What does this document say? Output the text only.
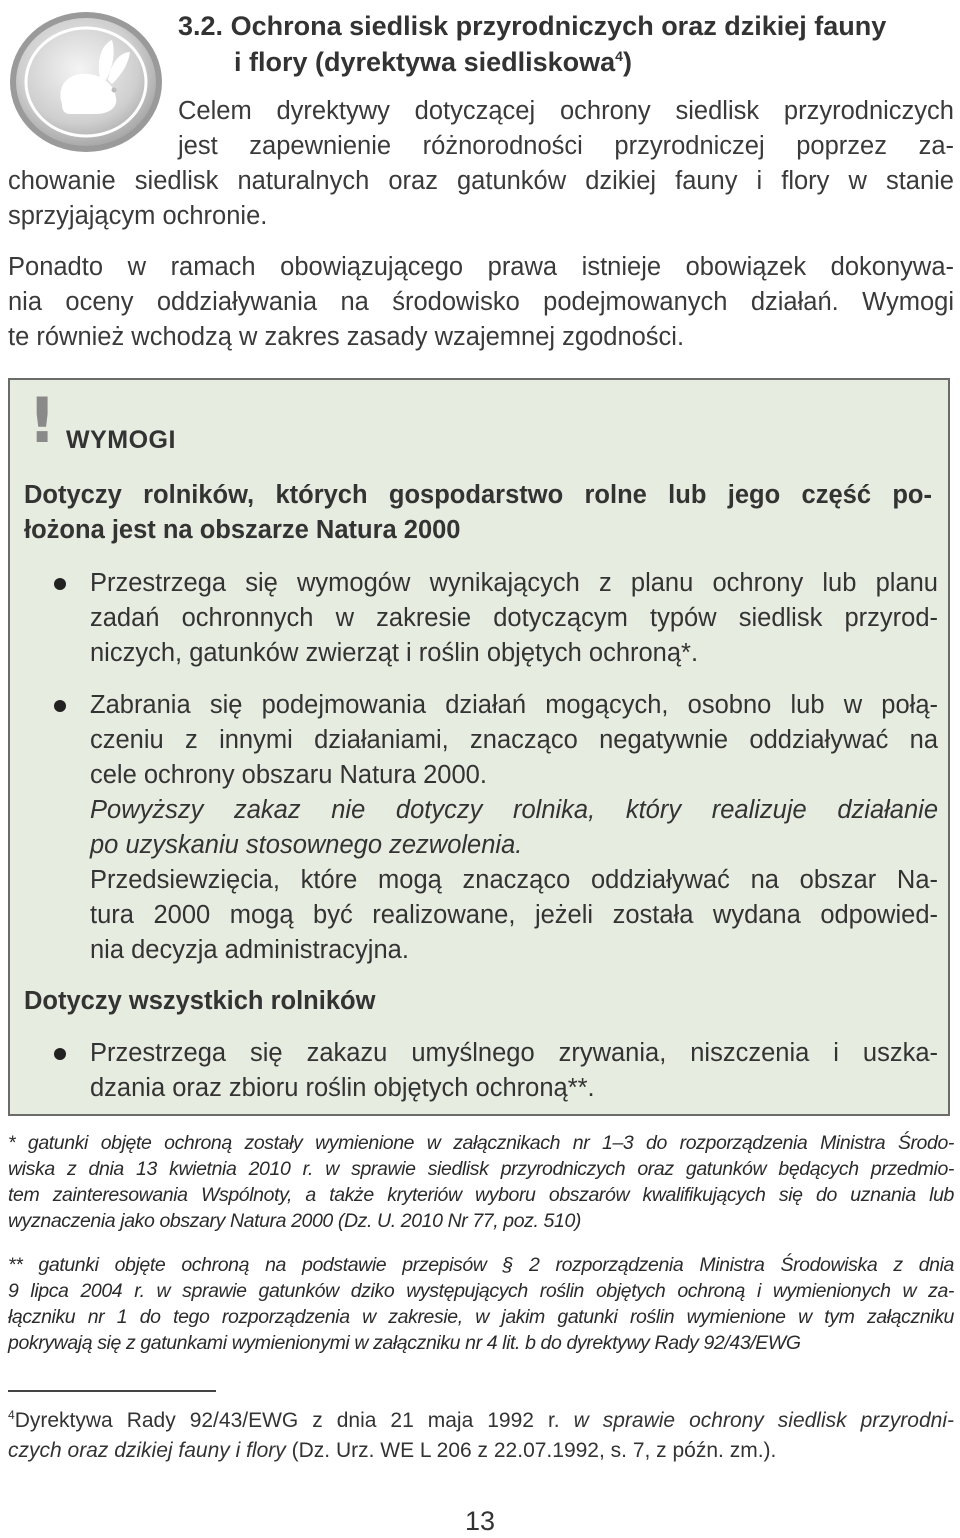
3.2. Ochrona siedlisk przyrodniczych oraz dzikiej fauny
i flory (dyrektywa siedliskowa$^4$)
Celem dyrektywy dotyczącej ochrony siedlisk przyrodniczych
jest zapewnienie różnorodności przyrodniczej poprzez za-
chowanie siedlisk naturalnych oraz gatunków dzikiej fauny i flory w stanie
sprzyjającym ochronie.
Ponadto w ramach obowiązującego prawa istnieje obowiązek dokonywa-
nia oceny oddziaływania na środowisko podejmowanych działań. Wymogi
te również wchodzą w zakres zasady wzajemnej zgodności.
! WYMOGI
Dotyczy rolników, których gospodarstwo rolne lub jego część po-
łożona jest na obszarze Natura 2000
Przestrzega się wymogów wynikających z planu ochrony lub planu
zadań ochronnych w zakresie dotyczącym typów siedlisk przyrod-
niczych, gatunków zwierząt i roślin objętych ochroną*.
Zabrania się podejmowania działań mogących, osobno lub w połą-
czeniu z innymi działaniami, znacząco negatywnie oddziaływać na
cele ochrony obszaru Natura 2000.
Powyższy zakaz nie dotyczy rolnika, który realizuje działanie
po uzyskaniu stosownego zezwolenia.
Przedsiewzięcia, które mogą znacząco oddziaływać na obszar Na-
tura 2000 mogą być realizowane, jeżeli została wydana odpowied-
nia decyzja administracyjna.
Dotyczy wszystkich rolników
Przestrzega się zakazu umyślnego zrywania, niszczenia i uszka-
dzania oraz zbioru roślin objętych ochroną**.
* gatunki objęte ochroną zostały wymienione w załącznikach nr 1–3 do rozporządzenia Ministra Środo-
wiska z dnia 13 kwietnia 2010 r. w sprawie siedlisk przyrodniczych oraz gatunków będących przedmio-
tem zainteresowania Wspólnoty, a także kryteriów wyboru obszarów kwalifikujących się do uznania lub
wyznaczenia jako obszary Natura 2000 (Dz. U. 2010 Nr 77, poz. 510)
** gatunki objęte ochroną na podstawie przepisów § 2 rozporządzenia Ministra Środowiska z dnia
9 lipca 2004 r. w sprawie gatunków dziko występujących roślin objętych ochroną i wymienionych w za-
łączniku nr 1 do tego rozporządzenia w zakresie, w jakim gatunki roślin wymienione w tym załączniku
pokrywają się z gatunkami wymienionymi w załączniku nr 4 lit. b do dyrektywy Rady 92/43/EWG
$^4$Dyrektywa Rady 92/43/EWG z dnia 21 maja 1992 r. w sprawie ochrony siedlisk przyrodni-
czych oraz dzikiej fauny i flory (Dz. Urz. WE L 206 z 22.07.1992, s. 7, z późn. zm.).
13
